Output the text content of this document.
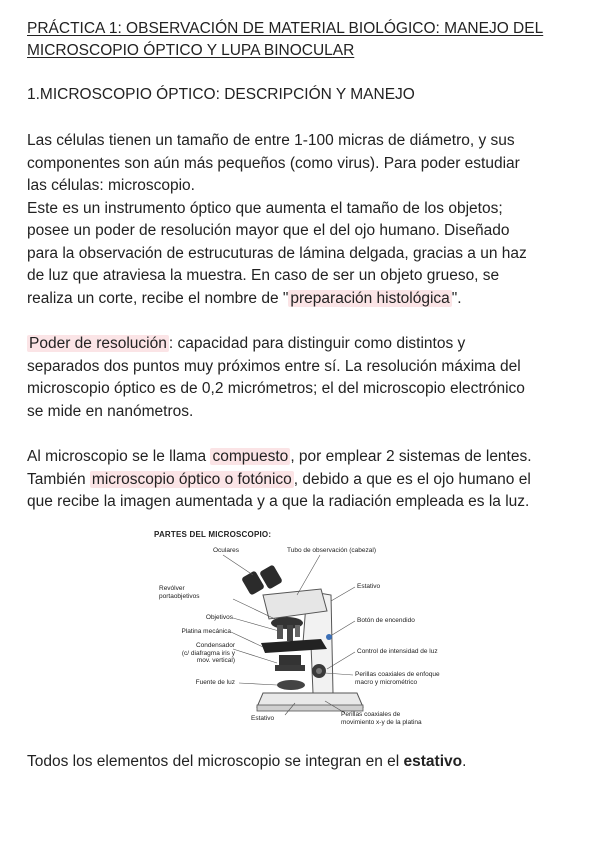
PRÁCTICA 1: OBSERVACIÓN DE MATERIAL BIOLÓGICO: MANEJO DEL
MICROSCOPIO ÓPTICO Y LUPA BINOCULAR
1.MICROSCOPIO ÓPTICO: DESCRIPCIÓN Y MANEJO
Las células tienen un tamaño de entre 1-100 micras de diámetro, y sus
componentes son aún más pequeños (como virus). Para poder estudiar
las células: microscopio.
Este es un instrumento óptico que aumenta el tamaño de los objetos;
posee un poder de resolución mayor que el del ojo humano. Diseñado
para la observación de estrucuturas de lámina delgada, gracias a un haz
de luz que atraviesa la muestra. En caso de ser un objeto grueso, se
realiza un corte, recibe el nombre de " preparación histológica ".
Poder de resolución : capacidad para distinguir como distintos y
separados dos puntos muy próximos entre sí. La resolución máxima del
microscopio óptico es de 0,2 micrómetros; el del microscopio electrónico
se mide en nanómetros.
Al microscopio se le llama compuesto , por emplear 2 sistemas de lentes.
También microscopio óptico o fotónico , debido a que es el ojo humano el
que recibe la imagen aumentada y a que la radiación empleada es la luz.
PARTES DEL MICROSCOPIO:
Oculares	Tubo de observación (cabezal)
Revólver
portaobjetivos
Estativo
Objetivos	Botón de encendido
Platina mecánica
Condensador
(c/ diafragma iris y
mov. vertical)
Control de intensidad de luz
Fuente de luz
Perillas coaxiales de enfoque
macro y micrométrico
Estativo
Perillas coaxiales de
movimiento x-y de la platina
Todos los elementos del microscopio se integran en el estativo.
